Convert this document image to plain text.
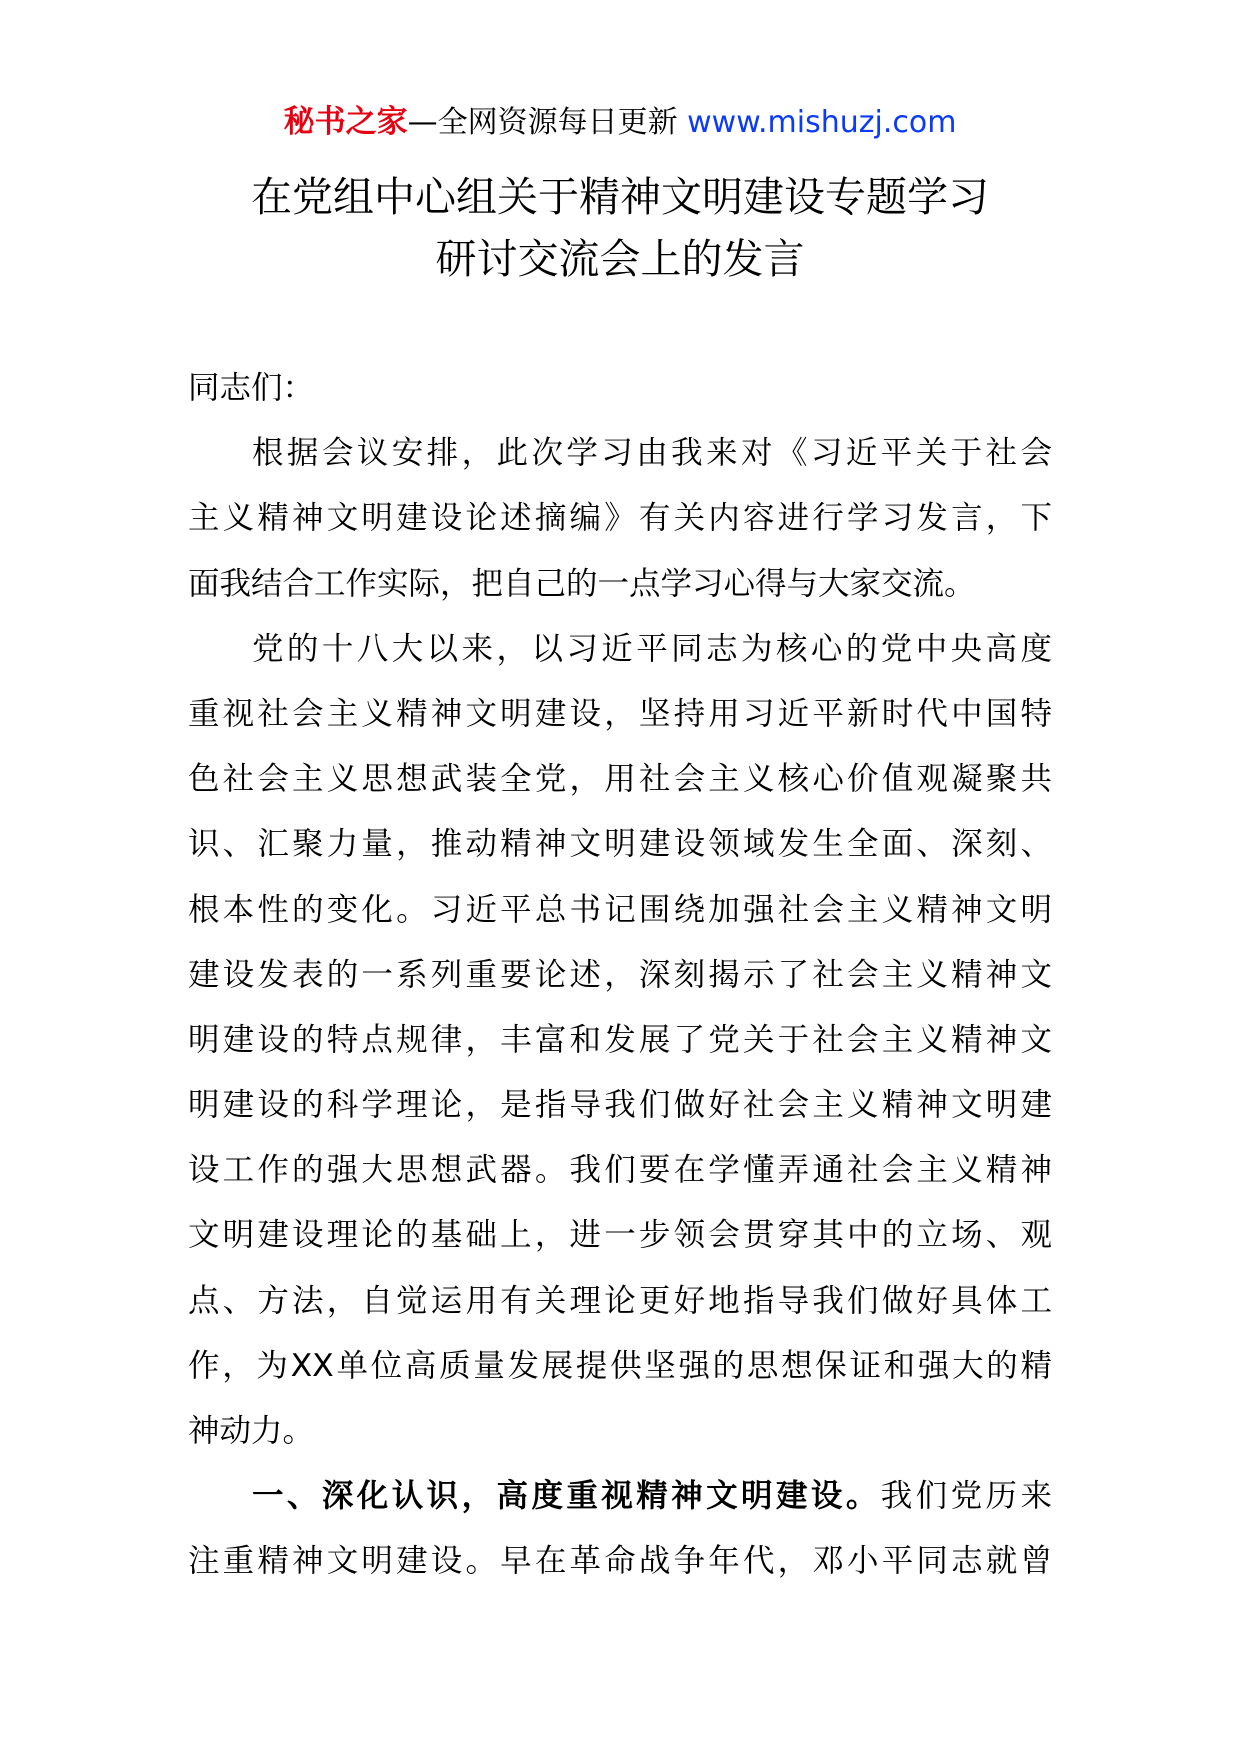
秘书之家—全网资源每日更新 www.mishuzj.com
在党组中心组关于精神文明建设专题学习
研讨交流会上的发言
同志们：
根据会议安排，此次学习由我来对《习近平关于社会
主义精神文明建设论述摘编》有关内容进行学习发言，下
面我结合工作实际，把自己的一点学习心得与大家交流。
党的十八大以来，以习近平同志为核心的党中央高度
重视社会主义精神文明建设，坚持用习近平新时代中国特
色社会主义思想武装全党，用社会主义核心价值观凝聚共
识、汇聚力量，推动精神文明建设领域发生全面、深刻、
根本性的变化。习近平总书记围绕加强社会主义精神文明
建设发表的一系列重要论述，深刻揭示了社会主义精神文
明建设的特点规律，丰富和发展了党关于社会主义精神文
明建设的科学理论，是指导我们做好社会主义精神文明建
设工作的强大思想武器。我们要在学懂弄通社会主义精神
文明建设理论的基础上，进一步领会贯穿其中的立场、观
点、方法，自觉运用有关理论更好地指导我们做好具体工
作，为XX单位高质量发展提供坚强的思想保证和强大的精
神动力。
一、深化认识，高度重视精神文明建设。我们党历来
注重精神文明建设。早在革命战争年代，邓小平同志就曾
